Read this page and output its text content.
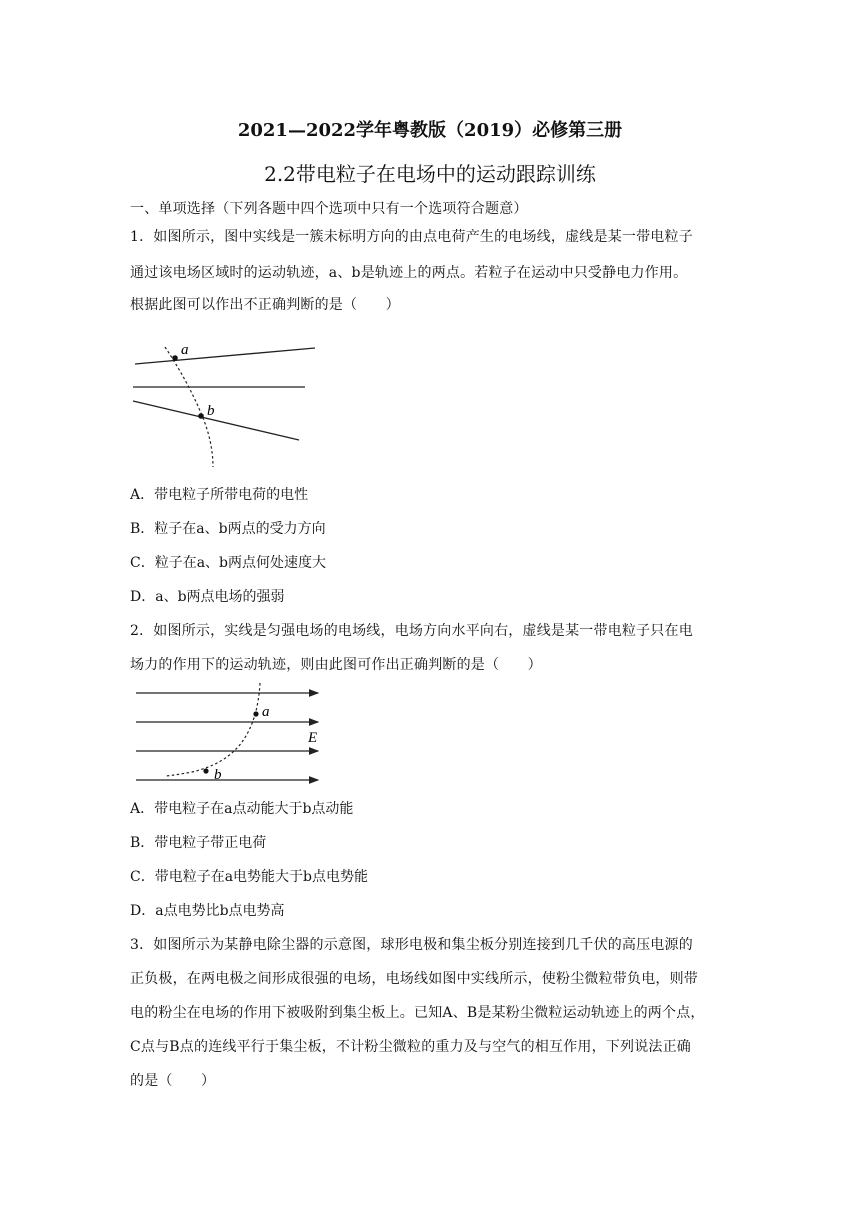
2021—2022学年粤教版（2019）必修第三册
2.2带电粒子在电场中的运动跟踪训练
一、单项选择（下列各题中四个选项中只有一个选项符合题意）
1．如图所示，图中实线是一簇未标明方向的由点电荷产生的电场线，虚线是某一带电粒子
通过该电场区域时的运动轨迹，a、b是轨迹上的两点。若粒子在运动中只受静电力作用。
根据此图可以作出不正确判断的是（　　）
a
b
A．带电粒子所带电荷的电性
B．粒子在a、b两点的受力方向
C．粒子在a、b两点何处速度大
D．a、b两点电场的强弱
2．如图所示，实线是匀强电场的电场线，电场方向水平向右，虚线是某一带电粒子只在电
场力的作用下的运动轨迹，则由此图可作出正确判断的是（　　）
a
b
E
A．带电粒子在a点动能大于b点动能
B．带电粒子带正电荷
C．带电粒子在a电势能大于b点电势能
D．a点电势比b点电势高
3．如图所示为某静电除尘器的示意图，球形电极和集尘板分别连接到几千伏的高压电源的
正负极，在两电极之间形成很强的电场，电场线如图中实线所示，使粉尘微粒带负电，则带
电的粉尘在电场的作用下被吸附到集尘板上。已知A、B是某粉尘微粒运动轨迹上的两个点，
C点与B点的连线平行于集尘板，不计粉尘微粒的重力及与空气的相互作用，下列说法正确
的是（　　）
